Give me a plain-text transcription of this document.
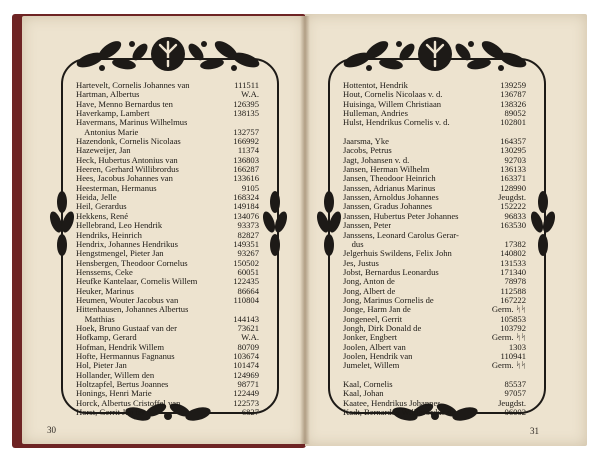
Hartevelt, Cornelis Johannes van	111511
Hartman, Albertus	W.A.
Have, Menno Bernardus ten	126395
Haverkamp, Lambert	138135
Havermans, Marinus Wilhelmus
Antonius Marie	132757
Hazendonk, Cornelis Nicolaas	166992
Hazeweijer, Jan	11374
Heck, Hubertus Antonius van	136803
Heeren, Gerhard Willibrordus	166287
Hees, Jacobus Johannes van	133616
Heesterman, Hermanus	9105
Heida, Jelle	168324
Heil, Gerardus	149184
Hekkens, René	134076
Hellebrand, Leo Hendrik	93373
Hendriks, Heinrich	82827
Hendrix, Johannes Hendrikus	149351
Hengstmengel, Pieter Jan	93267
Hensbergen, Theodoor Cornelus	150502
Henssems, Ceke	60051
Heufke Kantelaar, Cornelis Willem	122435
Heuker, Marinus	86664
Heumen, Wouter Jacobus van	110804
Hittenhausen, Johannes Albertus
Matthias	144143
Hoek, Bruno Gustaaf van der	73621
Hofkamp, Gerard	W.A.
Hofman, Hendrik Willem	80709
Hofte, Hermannus Fagnanus	103674
Hol, Pieter Jan	101474
Hollander, Willem den	124969
Holtzapfel, Bertus Joannes	98771
Honings, Henri Marie	122449
Horck, Albertus Cristoffel van	122573
Horst, Gerrit Jan ter	6827
Hottentot, Hendrik	139259
Hout, Cornelis Nicolaas v. d.	136787
Huisinga, Willem Christiaan	138326
Hulleman, Andries	89052
Hulst, Hendrikus Cornelis v. d.	102801
Jaarsma, Yke	164357
Jacobs, Petrus	130295
Jagt, Johansen v. d.	92703
Jansen, Herman Wilhelm	136133
Jansen, Theodoor Heinrich	163371
Janssen, Adrianus Marinus	128990
Janssen, Arnoldus Johannes	Jeugdst.
Janssen, Gradus Johannes	152222
Janssen, Hubertus Peter Johannes	96833
Janssen, Peter	163530
Janssens, Leonard Carolus Gerar-
dus	17382
Jelgerhuis Swildens, Felix John	140802
Jes, Justus	131533
Jobst, Bernardus Leonardus	171340
Jong, Anton de	78978
Jong, Albert de	112588
Jong, Marinus Cornelis de	167222
Jonge, Harm Jan de	Germ. ᛋᛋ
Jongeneel, Gerrit	105853
Jongh, Dirk Donald de	103792
Jonker, Engbert	Germ. ᛋᛋ
Joolen, Albert van	1303
Joolen, Hendrik van	110941
Jumelet, Willem	Germ. ᛋᛋ
Kaal, Cornelis	85537
Kaal, Johan	97057
Kaatee, Hendrikus Johannes	Jeugdst.
Kadt, Bernardus Willibrordus de	06002
30	31
